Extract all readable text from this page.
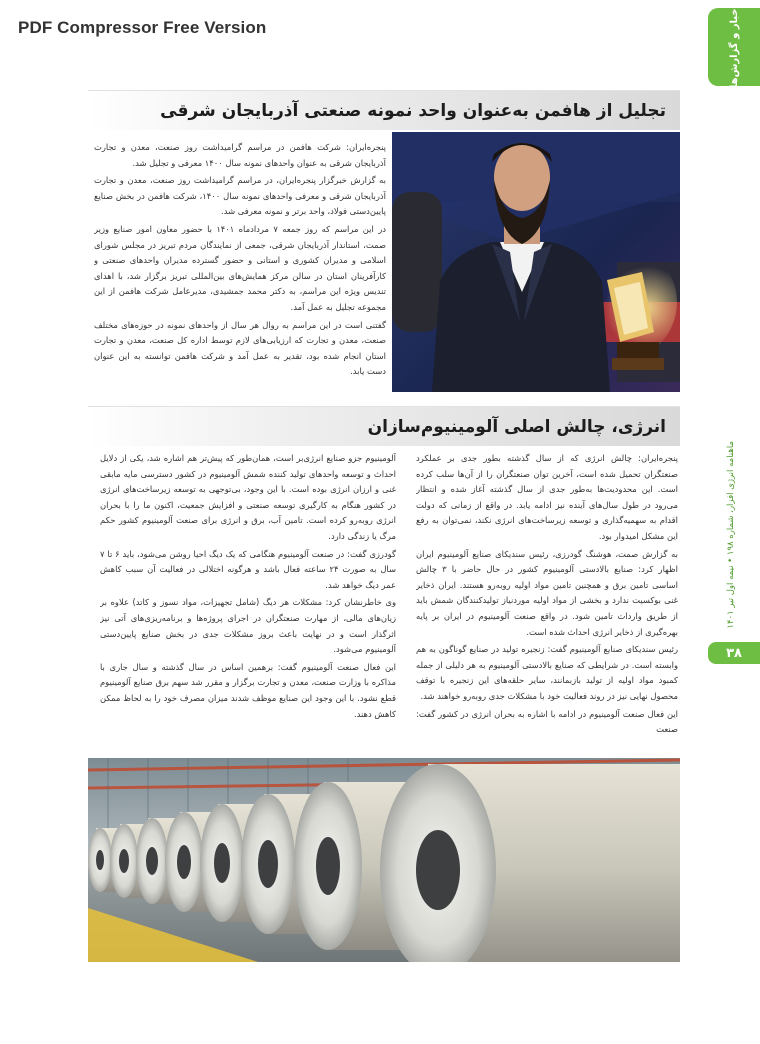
PDF Compressor Free Version	اخبار و گزارش‌ها
ماهنامه انرژی افزار، شماره ۱۹۸ • نیمه اول تیر ۱۴۰۱
۳۸
تجلیل از هافمن به‌عنوان واحد نمونه صنعتی آذربایجان شرقی

پنجره‌ایران: شرکت هافمن در مراسم گرامیداشت روز صنعت، معدن و تجارت آذربایجان شرقی به عنوان واحدهای نمونه سال ۱۴۰۰ معرفی و تجلیل شد.

به گزارش خبرگزار پنجره‌ایران، در مراسم گرامیداشت روز صنعت، معدن و تجارت آذربایجان شرقی و معرفی واحدهای نمونه سال ۱۴۰۰، شرکت هافمن در بخش صنایع پایین‌دستی فولاد، واحد برتر و نمونه معرفی شد.

در این مراسم که روز جمعه ۷ مردادماه ۱۴۰۱ با حضور معاون امور صنایع وزیر صمت، استاندار آذربایجان شرقی، جمعی از نمایندگان مردم تبریز در مجلس شورای اسلامی و مدیران کشوری و استانی و حضور گسترده مدیران واحدهای صنعتی و کارآفرینان استان در سالن مرکز همایش‌های بین‌المللی تبریز برگزار شد، با اهدای تندیس ویژه این مراسم، به دکتر محمد جمشیدی، مدیرعامل شرکت هافمن از این مجموعه تجلیل به عمل آمد.

گفتنی است در این مراسم به روال هر سال از واحدهای نمونه در حوزه‌های مختلف صنعت، معدن و تجارت که ارزیابی‌های لازم توسط اداره کل صنعت، معدن و تجارت استان انجام شده بود، تقدیر به عمل آمد و شرکت هافمن توانسته به این عنوان دست یابد.

انرژی، چالش اصلی آلومینیوم‌سازان

پنجره‌ایران: چالش انرژی که از سال گذشته بطور جدی بر عملکرد صنعتگران تحمیل شده است، آخرین توان صنعتگران را از آن‌ها سلب کرده است. این محدودیت‌ها به‌طور جدی از سال گذشته آغاز شده و انتظار می‌رود در طول سال‌های آینده نیز ادامه یابد. در واقع از زمانی که دولت اقدام به سهمیه‌گذاری و توسعه زیرساخت‌های انرژی نکند، نمی‌توان به رفع این مشکل امیدوار بود.

به گزارش صمت، هوشنگ گودرزی، رئیس سندیکای صنایع آلومینیوم ایران اظهار کرد: صنایع بالادستی آلومینیوم کشور در حال حاضر با ۳ چالش اساسی تامین برق و همچنین تامین مواد اولیه روبه‌رو هستند. ایران ذخایر غنی بوکسیت ندارد و بخشی از مواد اولیه موردنیاز تولیدکنندگان شمش باید از طریق واردات تامین شود. در واقع صنعت آلومینیوم در ایران بر پایه بهره‌گیری از ذخایر انرژی احداث شده است.

رئیس سندیکای صنایع آلومینیوم گفت: زنجیره تولید در صنایع گوناگون به هم وابسته است. در شرایطی که صنایع بالادستی آلومینیوم به هر دلیلی از جمله کمبود مواد اولیه از تولید بازبمانند، سایر حلقه‌های این زنجیره با توقف محصول نهایی نیز در روند فعالیت خود با مشکلات جدی روبه‌رو خواهند شد.

این فعال صنعت آلومینیوم در ادامه با اشاره به بحران انرژی در کشور گفت: صنعت

آلومینیوم جزو صنایع انرژی‌بر است، همان‌طور که پیش‌تر هم اشاره شد، یکی از دلایل احداث و توسعه واحدهای تولید کننده شمش آلومینیوم در کشور دسترسی مایه مابقی غنی و ارزان انرژی بوده است. با این وجود، بی‌توجهی به توسعه زیرساخت‌های انرژی در کشور هنگام به کارگیری توسعه صنعتی و افزایش جمعیت، اکنون ما را با بحران انرژی روبه‌رو کرده است. تامین آب، برق و انرژی برای صنعت آلومینیوم کشور حکم مرگ یا زندگی دارد.

گودرزی گفت: در صنعت آلومینیوم هنگامی که یک دیگ احیا روشن می‌شود، باید ۶ تا ۷ سال به صورت ۲۴ ساعته فعال باشد و هرگونه اختلالی در فعالیت آن سبب کاهش عمر دیگ خواهد شد.

وی خاطرنشان کرد: مشکلات هر دیگ (شامل تجهیزات، مواد نسوز و کاتد) علاوه بر زیان‌های مالی، از مهارت صنعتگران در اجرای پروژه‌ها و برنامه‌ریزی‌های آتی نیز اثرگذار است و در نهایت باعث بروز مشکلات جدی در بخش صنایع پایین‌دستی آلومینیوم می‌شود.

این فعال صنعت آلومینیوم گفت: برهمین اساس در سال گذشته و سال جاری با مذاکره با وزارت صنعت، معدن و تجارت برگزار و مقرر شد سهم برق صنایع آلومینیوم قطع نشود. با این وجود این صنایع موظف شدند میزان مصرف خود را به لحاظ ممکن کاهش دهند.
